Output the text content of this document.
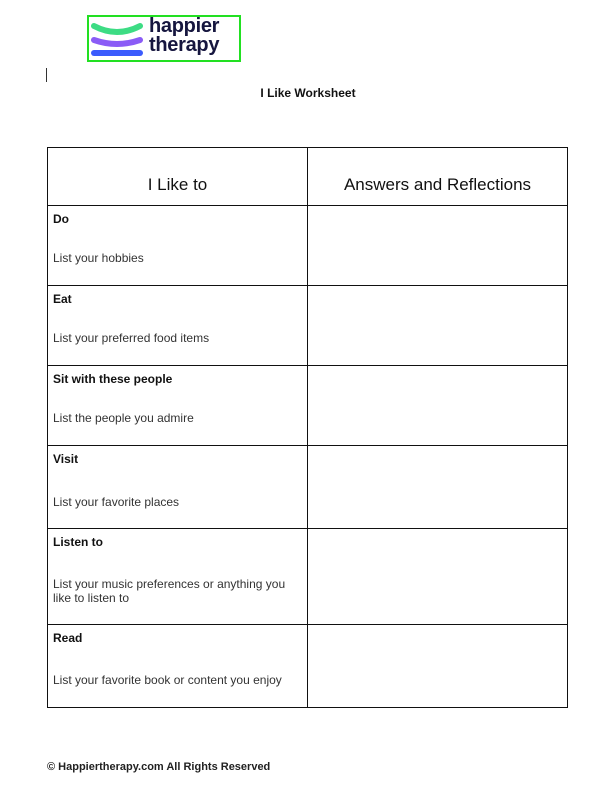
happier
therapy
I Like Worksheet
I Like to	Answers and Reflections

Do
List your hobbies	

Eat
List your preferred food items	

Sit with these people
List the people you admire	

Visit
List your favorite places	

Listen to
List your music preferences or anything you like to listen to	

Read
List your favorite book or content you enjoy	

© Happiertherapy.com All Rights Reserved
